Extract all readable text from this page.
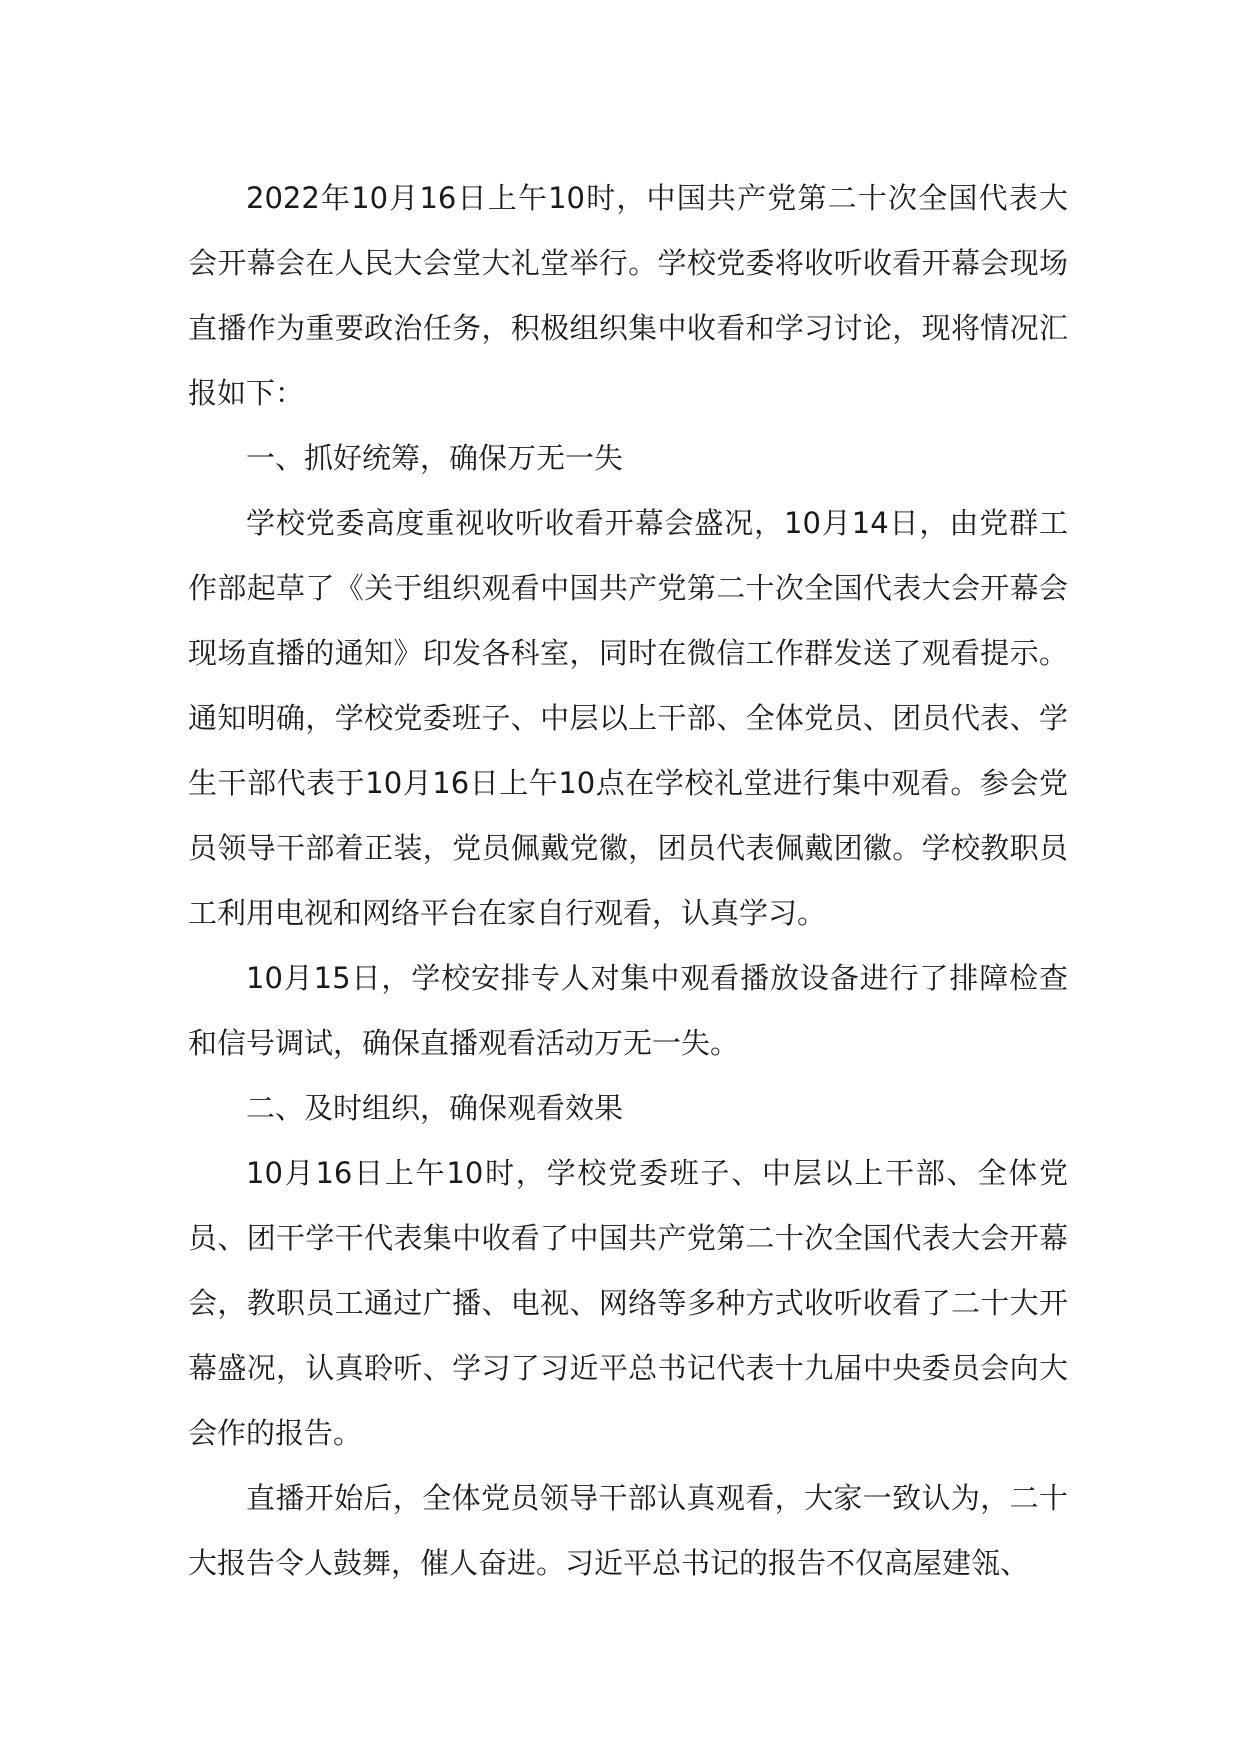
2022年10月16日上午10时，中国共产党第二十次全国代表大会开幕会在人民大会堂大礼堂举行。学校党委将收听收看开幕会现场直播作为重要政治任务，积极组织集中收看和学习讨论，现将情况汇报如下：

一、抓好统筹，确保万无一失

学校党委高度重视收听收看开幕会盛况，10月14日，由党群工作部起草了《关于组织观看中国共产党第二十次全国代表大会开幕会现场直播的通知》印发各科室，同时在微信工作群发送了观看提示。通知明确，学校党委班子、中层以上干部、全体党员、团员代表、学生干部代表于10月16日上午10点在学校礼堂进行集中观看。参会党员领导干部着正装，党员佩戴党徽，团员代表佩戴团徽。学校教职员工利用电视和网络平台在家自行观看，认真学习。

10月15日，学校安排专人对集中观看播放设备进行了排障检查和信号调试，确保直播观看活动万无一失。

二、及时组织，确保观看效果

10月16日上午10时，学校党委班子、中层以上干部、全体党员、团干学干代表集中收看了中国共产党第二十次全国代表大会开幕会，教职员工通过广播、电视、网络等多种方式收听收看了二十大开幕盛况，认真聆听、学习了习近平总书记代表十九届中央委员会向大会作的报告。

直播开始后，全体党员领导干部认真观看，大家一致认为，二十大报告令人鼓舞，催人奋进。习近平总书记的报告不仅高屋建瓴、
